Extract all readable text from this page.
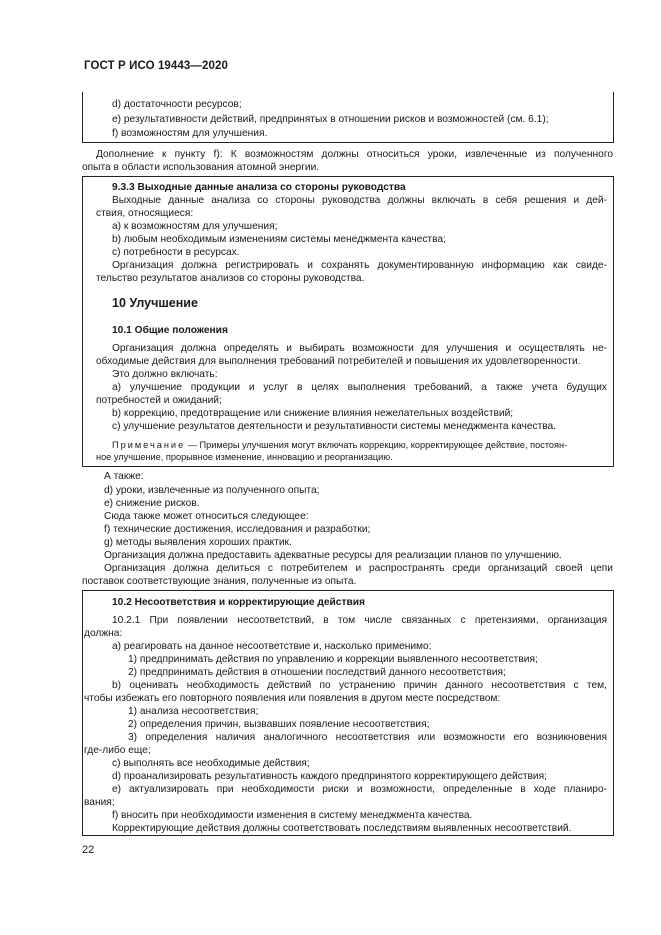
ГОСТ Р ИСО 19443—2020
d) достаточности ресурсов;
e) результативности действий, предпринятых в отношении рисков и возможностей (см. 6.1);
f) возможностям для улучшения.
Дополнение к пункту f): К возможностям должны относиться уроки, извлеченные из полученного
опыта в области использования атомной энергии.
9.3.3 Выходные данные анализа со стороны руководства
Выходные данные анализа со стороны руководства должны включать в себя решения и дей-
ствия, относящиеся:
a) к возможностям для улучшения;
b) любым необходимым изменениям системы менеджмента качества;
c) потребности в ресурсах.
Организация должна регистрировать и сохранять документированную информацию как свиде-
тельство результатов анализов со стороны руководства.
10 Улучшение
10.1 Общие положения
Организация должна определять и выбирать возможности для улучшения и осуществлять не-
обходимые действия для выполнения требований потребителей и повышения их удовлетворенности.
Это должно включать:
a) улучшение продукции и услуг в целях выполнения требований, а также учета будущих
потребностей и ожиданий;
b) коррекцию, предотвращение или снижение влияния нежелательных воздействий;
c) улучшение результатов деятельности и результативности системы менеджмента качества.
Примечание — Примеры улучшения могут включать коррекцию, корректирующее действие, постоян-
ное улучшение, прорывное изменение, инновацию и реорганизацию.
А также:
d) уроки, извлеченные из полученного опыта;
e) снижение рисков.
Сюда также может относиться следующее:
f) технические достижения, исследования и разработки;
g) методы выявления хороших практик.
Организация должна предоставить адекватные ресурсы для реализации планов по улучшению.
Организация должна делиться с потребителем и распространять среди организаций своей цепи
поставок соответствующие знания, полученные из опыта.
10.2 Несоответствия и корректирующие действия
10.2.1 При появлении несоответствий, в том числе связанных с претензиями, организация
должна:
a) реагировать на данное несоответствие и, насколько применимо:
1) предпринимать действия по управлению и коррекции выявленного несоответствия;
2) предпринимать действия в отношении последствий данного несоответствия;
b) оценивать необходимость действий по устранению причин данного несоответствия с тем,
чтобы избежать его повторного появления или появления в другом месте посредством:
1) анализа несоответствия;
2) определения причин, вызвавших появление несоответствия;
3) определения наличия аналогичного несоответствия или возможности его возникновения
где-либо еще;
c) выполнять все необходимые действия;
d) проанализировать результативность каждого предпринятого корректирующего действия;
e) актуализировать при необходимости риски и возможности, определенные в ходе планиро-
вания;
f) вносить при необходимости изменения в систему менеджмента качества.
Корректирующие действия должны соответствовать последствиям выявленных несоответствий.
22
